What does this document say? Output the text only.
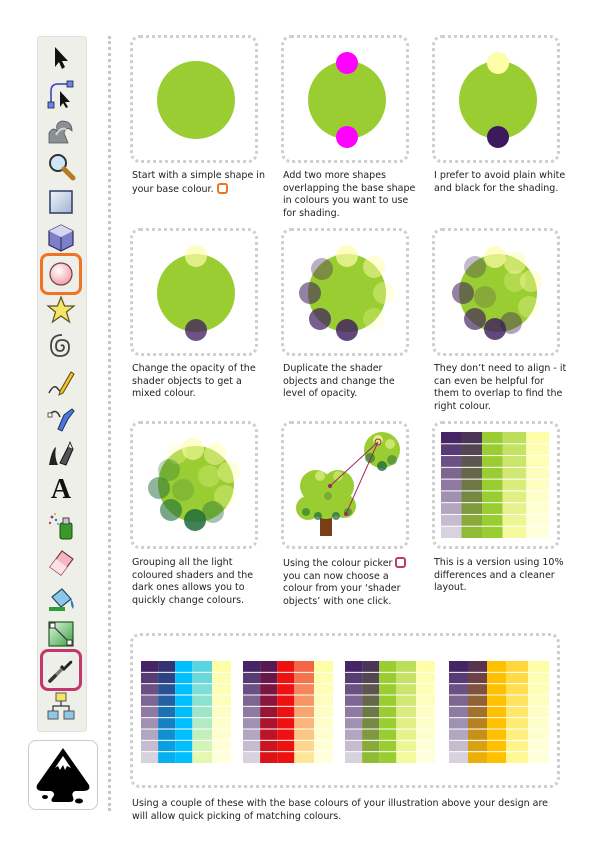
A
Start with a simple shape in your base colour.
Add two more shapes overlapping the base shape in colours you want to use for shading.
I prefer to avoid plain white and black for the shading.
Change the opacity of the shader objects to get a mixed colour.
Duplicate the shader objects and change the level of opacity.
They don’t need to align - it can even be helpful for them to overlap to find the right colour.
Grouping all the light coloured shaders and the dark ones allows you to quickly change colours.
Using the colour picker you can now choose a colour from your ‘shader objects’ with one click.
This is a version using 10% differences and a cleaner layout.
Using a couple of these with the base colours of your illustration above your design are will allow quick picking of matching colours.
